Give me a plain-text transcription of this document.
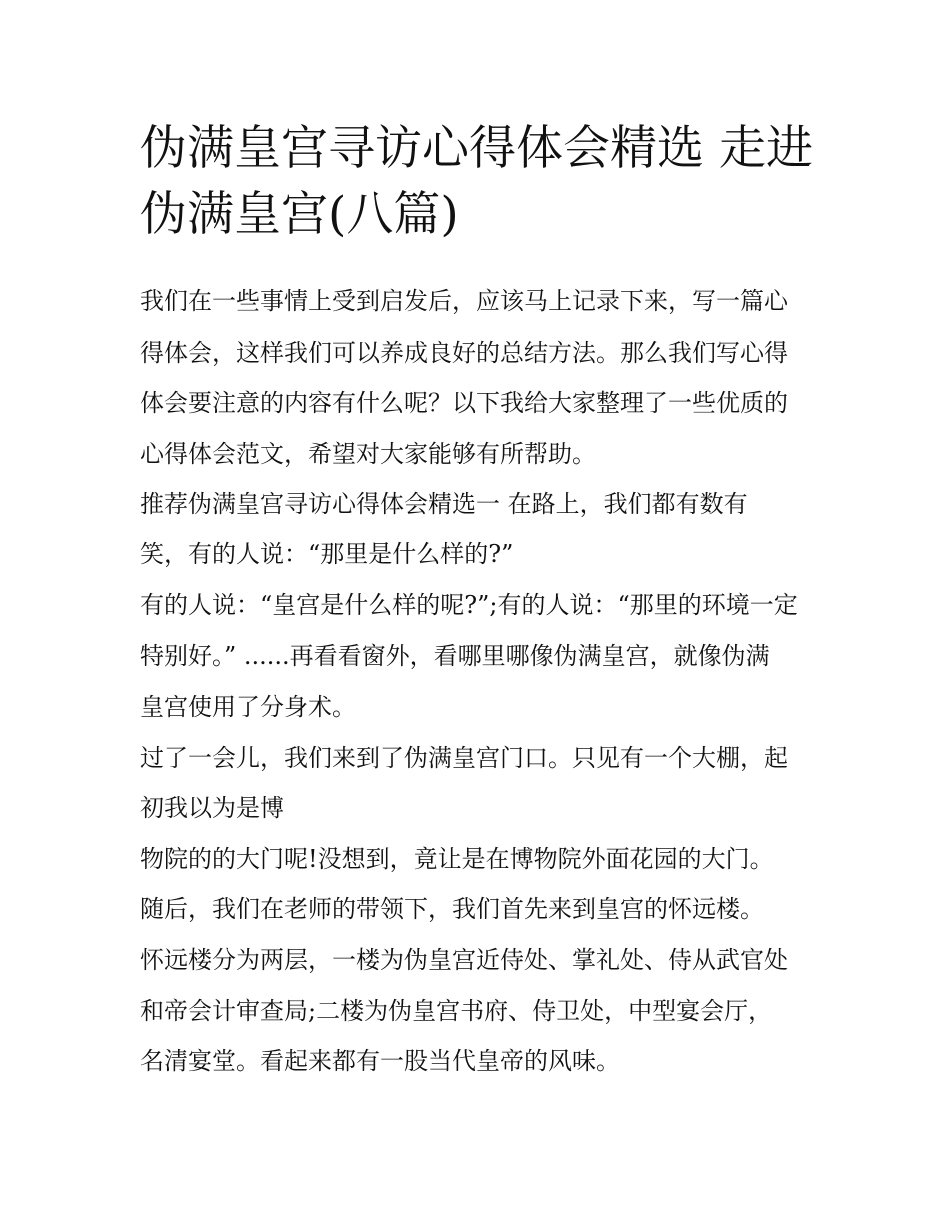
伪满皇宫寻访心得体会精选 走进伪满皇宫(八篇)

我们在一些事情上受到启发后，应该马上记录下来，写一篇心

得体会，这样我们可以养成良好的总结方法。那么我们写心得

体会要注意的内容有什么呢？以下我给大家整理了一些优质的

心得体会范文，希望对大家能够有所帮助。

推荐伪满皇宫寻访心得体会精选一 在路上，我们都有数有

笑，有的人说：“那里是什么样的?”

有的人说：“皇宫是什么样的呢?”;有的人说：“那里的环境一定

特别好。” ......再看看窗外，看哪里哪像伪满皇宫，就像伪满

皇宫使用了分身术。

过了一会儿，我们来到了伪满皇宫门口。只见有一个大棚，起

初我以为是博

物院的的大门呢!没想到，竟让是在博物院外面花园的大门。

随后，我们在老师的带领下，我们首先来到皇宫的怀远楼。

怀远楼分为两层，一楼为伪皇宫近侍处、掌礼处、侍从武官处

和帝会计审查局;二楼为伪皇宫书府、侍卫处，中型宴会厅，

名清宴堂。看起来都有一股当代皇帝的风味。
